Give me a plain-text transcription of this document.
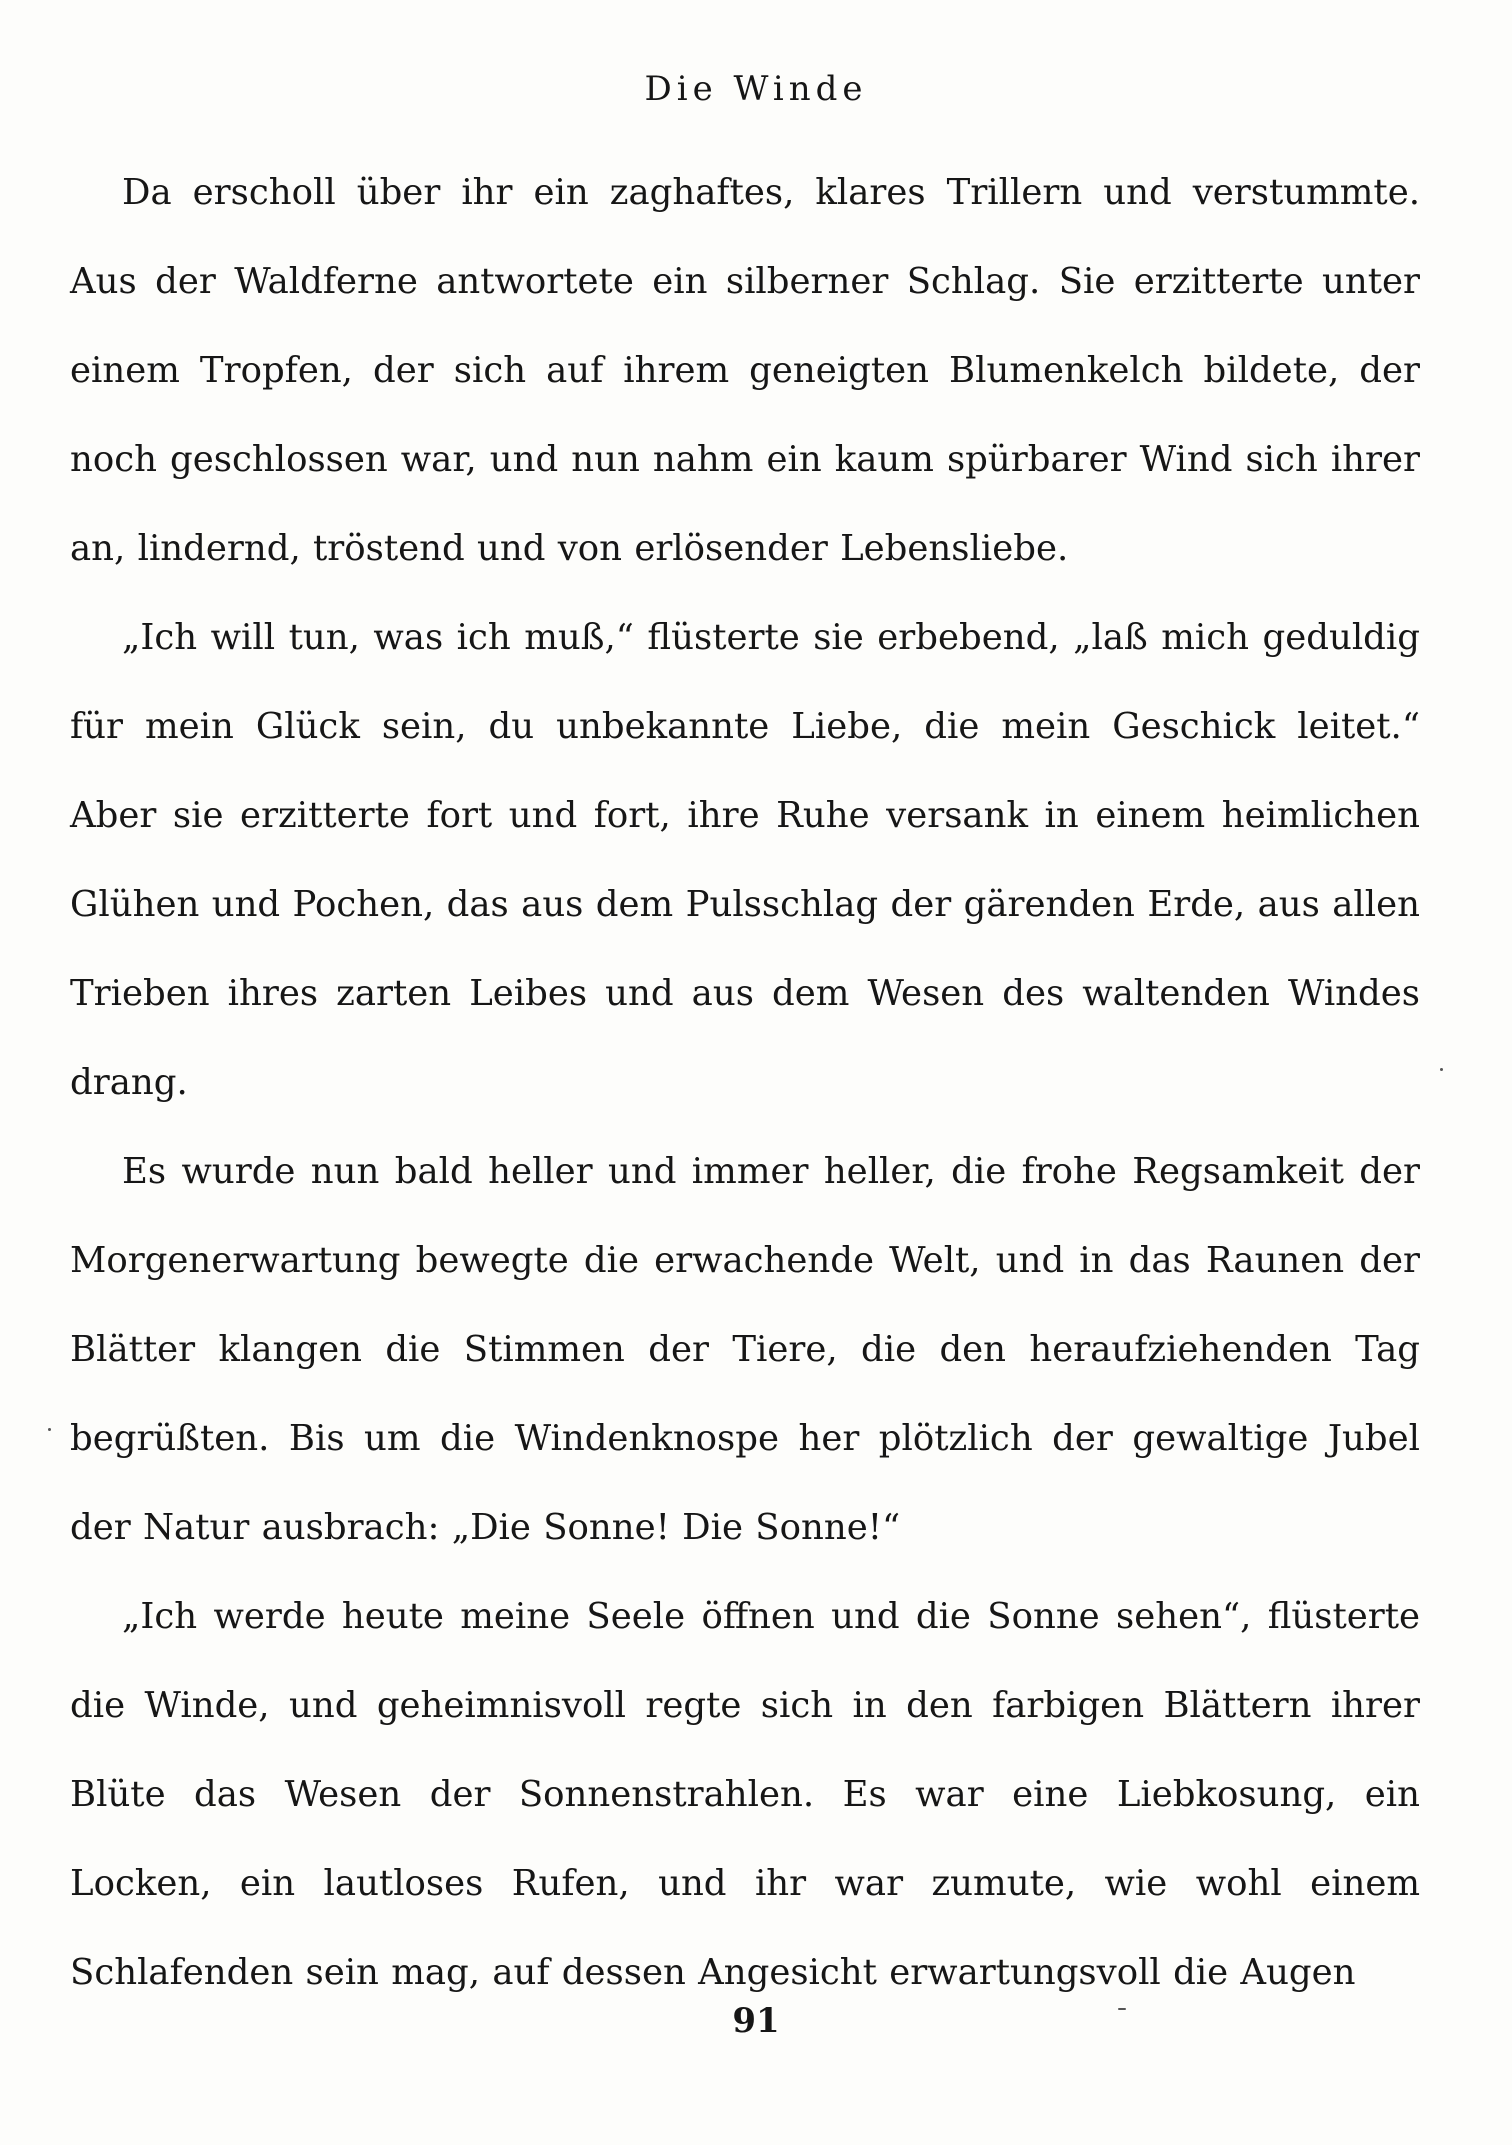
Die Winde

Da erscholl über ihr ein zaghaftes, klares Trillern und verstummte. Aus der Waldferne antwortete ein silberner Schlag. Sie erzitterte unter einem Tropfen, der sich auf ihrem geneigten Blumenkelch bildete, der noch geschlossen war, und nun nahm ein kaum spürbarer Wind sich ihrer an, lindernd, tröstend und von erlösender Lebensliebe.

„Ich will tun, was ich muß,“ flüsterte sie erbebend, „laß mich geduldig für mein Glück sein, du unbekannte Liebe, die mein Geschick leitet.“ Aber sie erzitterte fort und fort, ihre Ruhe versank in einem heimlichen Glühen und Pochen, das aus dem Pulsschlag der gärenden Erde, aus allen Trieben ihres zarten Leibes und aus dem Wesen des waltenden Windes drang.

Es wurde nun bald heller und immer heller, die frohe Regsamkeit der Morgenerwartung bewegte die erwachende Welt, und in das Raunen der Blätter klangen die Stimmen der Tiere, die den heraufziehenden Tag begrüßten. Bis um die Windenknospe her plötzlich der gewaltige Jubel der Natur ausbrach: „Die Sonne! Die Sonne!“

„Ich werde heute meine Seele öffnen und die Sonne sehen“, flüsterte die Winde, und geheimnisvoll regte sich in den farbigen Blättern ihrer Blüte das Wesen der Sonnenstrahlen. Es war eine Liebkosung, ein Locken, ein lautloses Rufen, und ihr war zumute, wie wohl einem Schlafenden sein mag, auf dessen Angesicht erwartungsvoll die Augen

91
